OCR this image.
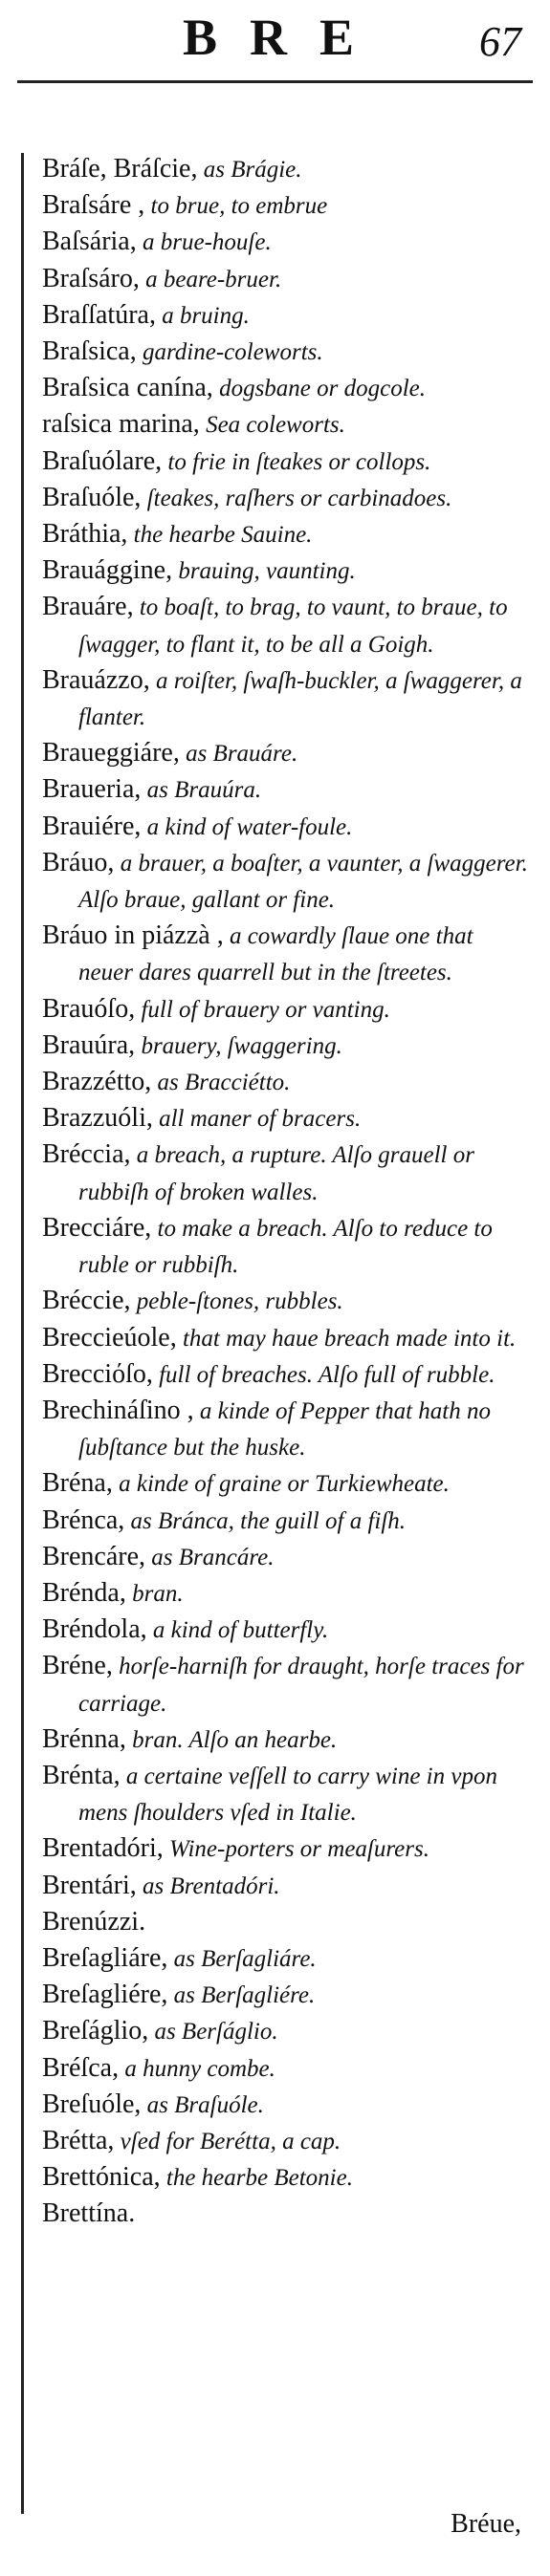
BRE	67

Bráſe, Bráſcie, as Brágie.

Braſsáre , to brue, to embrue

Baſsária, a brue-houſe.

Braſsáro, a beare-bruer.

Braſſatúra, a bruing.

Braſsica, gardine-coleworts.

Braſsica canína, dogsbane or dogcole.

raſsica marina, Sea coleworts.

Braſuólare, to frie in ſteakes or collops.

Braſuóle, ſteakes, raſhers or carbinadoes.

Bráthia, the hearbe Sauine.

Brauággine, brauing, vaunting.

Brauáre, to boaſt, to brag, to vaunt, to braue, to ſwagger, to flant it, to be all a Goigh.

Brauázzo, a roiſter, ſwaſh-buckler, a ſwaggerer, a flanter.

Braueggiáre, as Brauáre.

Braueria, as Brauúra.

Brauiére, a kind of water-foule.

Bráuo, a brauer, a boaſter, a vaunter, a ſwaggerer. Alſo braue, gallant or fine.

Bráuo in piázzà , a cowardly ſlaue one that neuer dares quarrell but in the ſtreetes.

Brauóſo, full of brauery or vanting.

Brauúra, brauery, ſwaggering.

Brazzétto, as Bracciétto.

Brazzuóli, all maner of bracers.

Bréccia, a breach, a rupture. Alſo grauell or rubbiſh of broken walles.

Brecciáre, to make a breach. Alſo to reduce to ruble or rubbiſh.

Bréccie, peble-ſtones, rubbles.

Breccieúole, that may haue breach made into it.

Brecciόſo, full of breaches. Alſo full of rubble.

Brechináſino , a kinde of Pepper that hath no ſubſtance but the huske.

Bréna, a kinde of graine or Turkiewheate.

Brénca, as Bránca, the guill of a fiſh.

Brencáre, as Brancáre.

Brénda, bran.

Bréndola, a kind of butterfly.

Bréne, horſe-harniſh for draught, horſe traces for carriage.

Brénna, bran. Alſo an hearbe.

Brénta, a certaine veſſell to carry wine in vpon mens ſhoulders vſed in Italie.

Brentadóri, Wine-porters or meaſurers.

Brentári, as Brentadóri.

Brenúzzi.

Breſagliáre, as Berſagliáre.

Breſagliére, as Berſagliére.

Breſáglio, as Berſáglio.

Bréſca, a hunny combe.

Breſuóle, as Braſuóle.

Brétta, vſed for Berétta, a cap.

Brettónica, the hearbe Betonie.

Brettína.

Bréue,
